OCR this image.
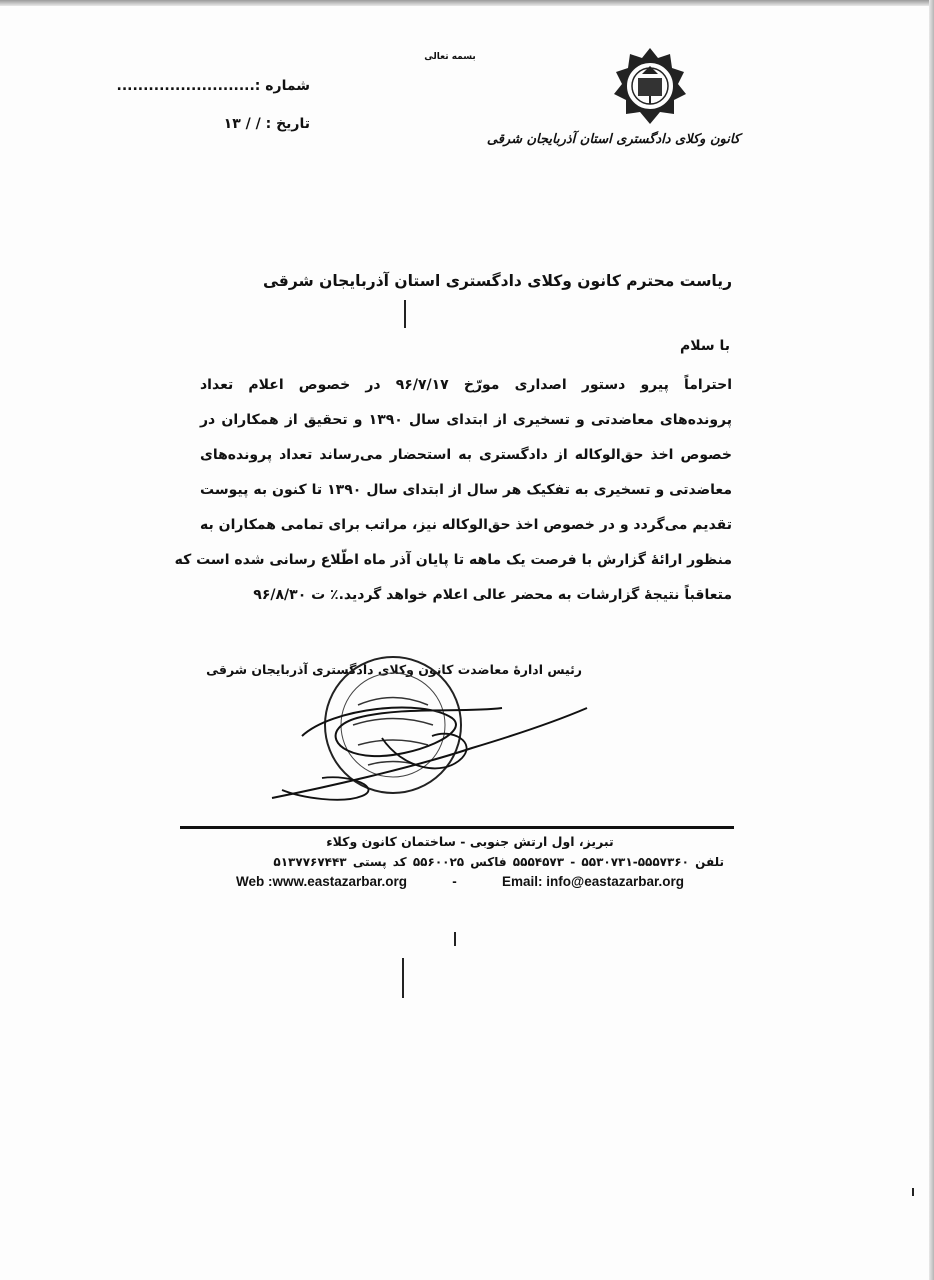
بسمه تعالی
شماره :..........................
تاریخ : / / ۱۳
کانون وکلای دادگستری استان آذربایجان شرقی
ریاست محترم کانون وکلای دادگستری استان آذربایجان شرقی
با سلام
احتراماً پیرو دستور اصداری مورّخ ۹۶/۷/۱۷ در خصوص اعلام تعداد
پرونده‌های معاضدتی و تسخیری از ابتدای سال ۱۳۹۰ و تحقیق از همکاران در
خصوص اخذ حق‌الوکاله از دادگستری به استحضار می‌رساند تعداد پرونده‌های
معاضدتی و تسخیری به تفکیک هر سال از ابتدای سال ۱۳۹۰ تا کنون به پیوست
تقدیم می‌گردد و در خصوص اخذ حق‌الوکاله نیز، مراتب برای تمامی همکاران به
منظور ارائهٔ گزارش با فرصت یک ماهه تا پایان آذر ماه اطّلاع رسانی شده است که
متعاقباً نتیجهٔ گزارشات به محضر عالی اعلام خواهد گردید.٪ ت ۹۶/۸/۳۰
رئیس ادارهٔ معاضدت کانون وکلای دادگستری آذربایجان شرقی
تبریز، اول ارتش جنوبی - ساختمان کانون وکلاء
تلفن ۵۵۵۷۳۶۰-۵۵۳۰۷۳۱ - ۵۵۵۴۵۷۳ فاکس ۵۵۶۰۰۲۵ کد پستی ۵۱۳۷۷۶۷۴۴۳
Web :www.eastazarbar.org	-	Email: info@eastazarbar.org
